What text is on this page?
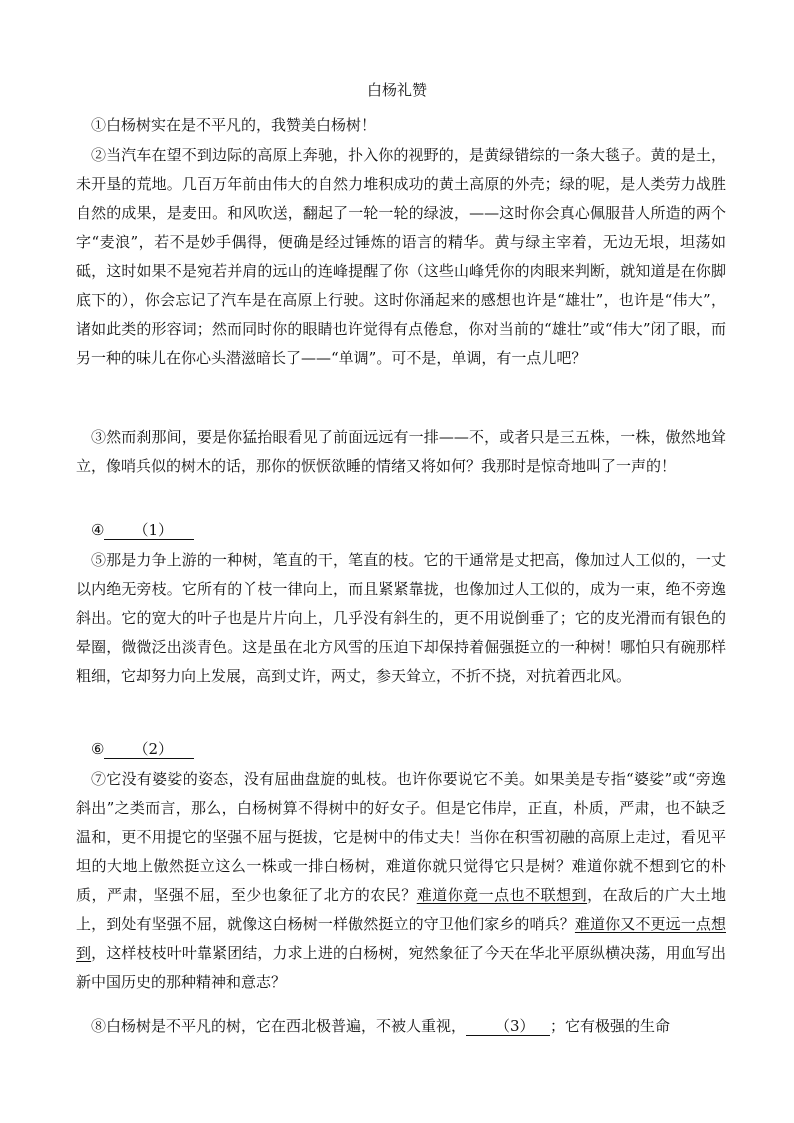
白杨礼赞

①白杨树实在是不平凡的，我赞美白杨树！

②当汽车在望不到边际的高原上奔驰，扑入你的视野的，是黄绿错综的一条大毯子。黄的是土，未开垦的荒地。几百万年前由伟大的自然力堆积成功的黄土高原的外壳；绿的呢，是人类劳力战胜自然的成果，是麦田。和风吹送，翻起了一轮一轮的绿波，——这时你会真心佩服昔人所造的两个字“麦浪”，若不是妙手偶得，便确是经过锤炼的语言的精华。黄与绿主宰着，无边无垠，坦荡如砥，这时如果不是宛若并肩的远山的连峰提醒了你（这些山峰凭你的肉眼来判断，就知道是在你脚底下的），你会忘记了汽车是在高原上行驶。这时你涌起来的感想也许是“雄壮”，也许是“伟大”，诸如此类的形容词；然而同时你的眼睛也许觉得有点倦怠，你对当前的“雄壮”或“伟大”闭了眼，而另一种的味儿在你心头潜滋暗长了——“单调”。可不是，单调，有一点儿吧？

③然而刹那间，要是你猛抬眼看见了前面远远有一排——不，或者只是三五株，一株，傲然地耸立，像哨兵似的树木的话，那你的恹恹欲睡的情绪又将如何？我那时是惊奇地叫了一声的！

④ （1）

⑤那是力争上游的一种树，笔直的干，笔直的枝。它的干通常是丈把高，像加过人工似的，一丈以内绝无旁枝。它所有的丫枝一律向上，而且紧紧靠拢，也像加过人工似的，成为一束，绝不旁逸斜出。它的宽大的叶子也是片片向上，几乎没有斜生的，更不用说倒垂了；它的皮光滑而有银色的晕圈，微微泛出淡青色。这是虽在北方风雪的压迫下却保持着倔强挺立的一种树！哪怕只有碗那样粗细，它却努力向上发展，高到丈许，两丈，参天耸立，不折不挠，对抗着西北风。

⑥ （2）

⑦它没有婆娑的姿态，没有屈曲盘旋的虬枝。也许你要说它不美。如果美是专指“婆娑”或“旁逸斜出”之类而言，那么，白杨树算不得树中的好女子。但是它伟岸，正直，朴质，严肃，也不缺乏温和，更不用提它的坚强不屈与挺拔，它是树中的伟丈夫！当你在积雪初融的高原上走过，看见平坦的大地上傲然挺立这么一株或一排白杨树，难道你就只觉得它只是树？难道你就不想到它的朴质，严肃，坚强不屈，至少也象征了北方的农民？难道你竟一点也不联想到，在敌后的广大土地上，到处有坚强不屈，就像这白杨树一样傲然挺立的守卫他们家乡的哨兵？难道你又不更远一点想到，这样枝枝叶叶靠紧团结，力求上进的白杨树，宛然象征了今天在华北平原纵横决荡，用血写出新中国历史的那种精神和意志？

⑧白杨树是不平凡的树，它在西北极普遍，不被人重视， （3） ；它有极强的生命
